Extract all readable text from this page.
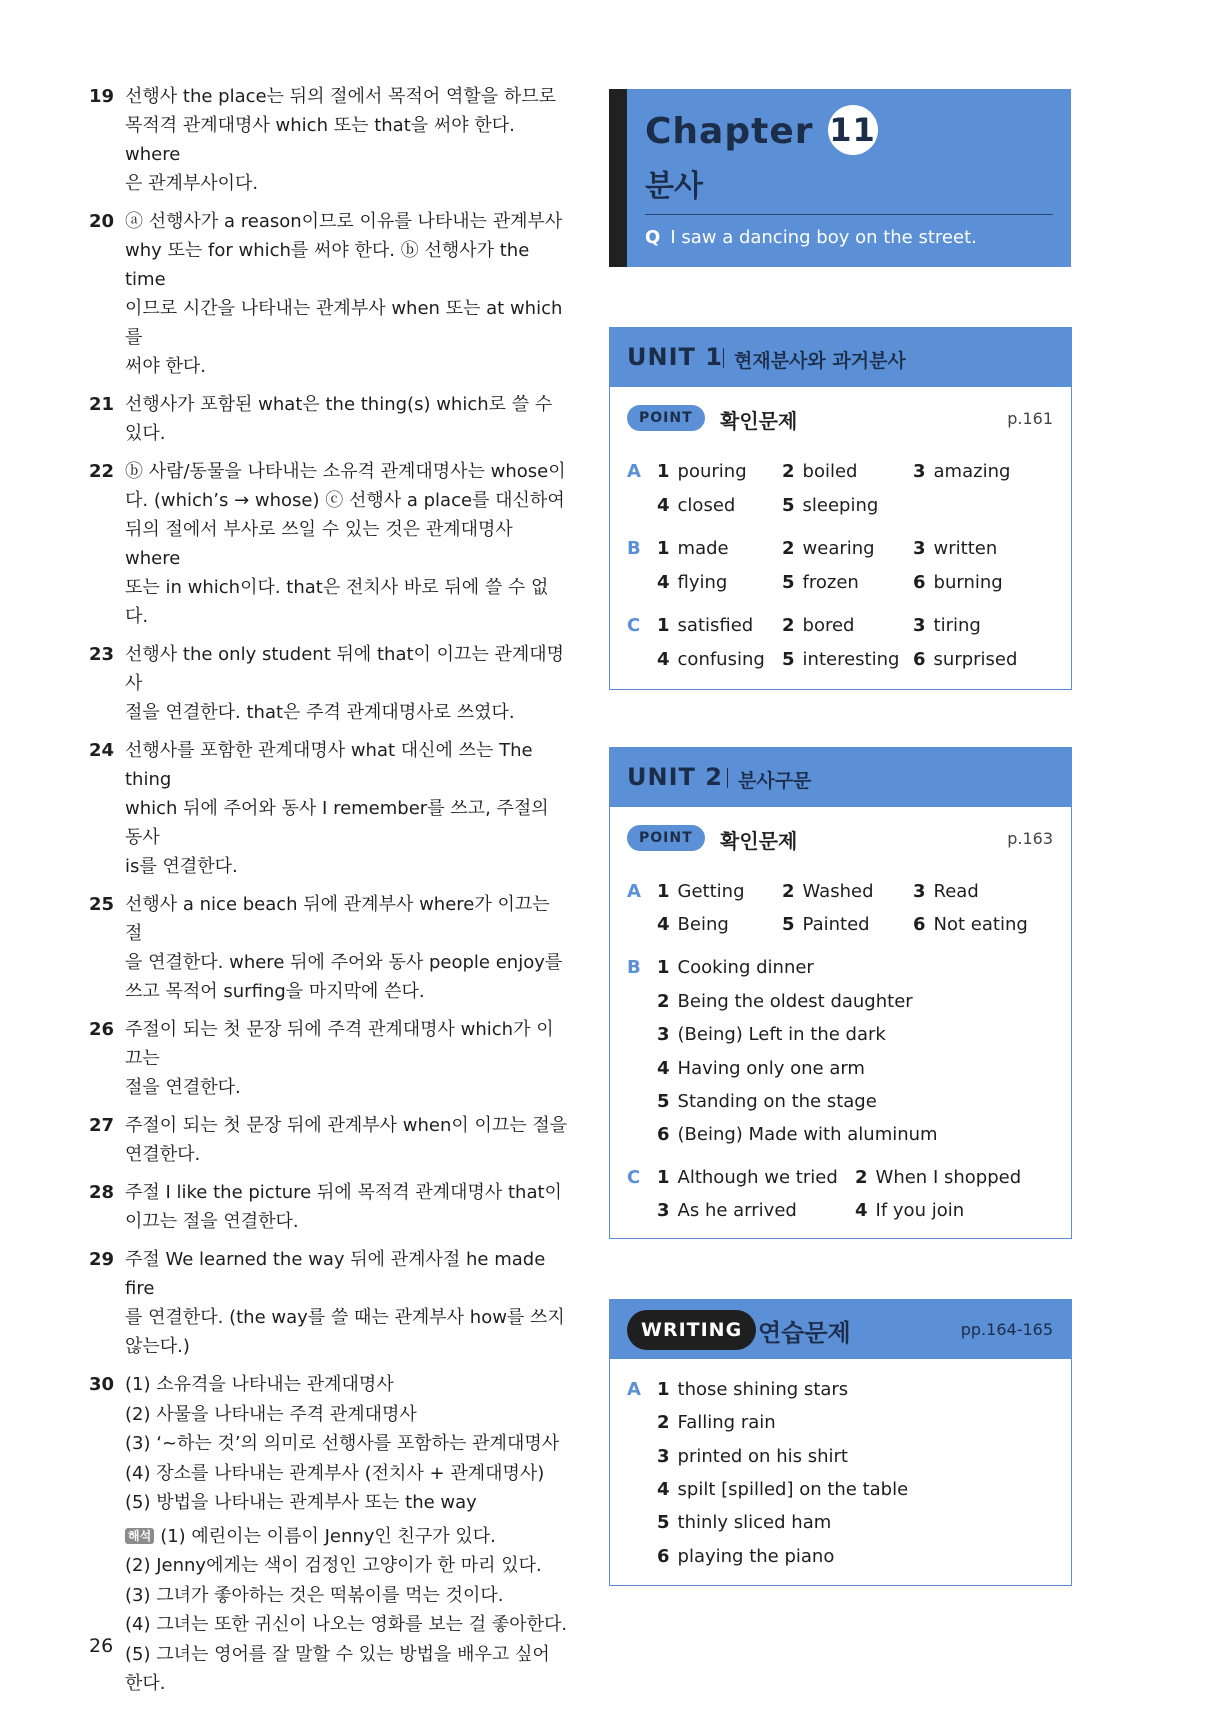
19 선행사 the place는 뒤의 절에서 목적어 역할을 하므로
목적격 관계대명사 which 또는 that을 써야 한다. where
은 관계부사이다.
20 ⓐ 선행사가 a reason이므로 이유를 나타내는 관계부사
why 또는 for which를 써야 한다. ⓑ 선행사가 the time
이므로 시간을 나타내는 관계부사 when 또는 at which를
써야 한다.
21 선행사가 포함된 what은 the thing(s) which로 쓸 수
있다.
22 ⓑ 사람/동물을 나타내는 소유격 관계대명사는 whose이
다. (which’s → whose) ⓒ 선행사 a place를 대신하여
뒤의 절에서 부사로 쓰일 수 있는 것은 관계대명사 where
또는 in which이다. that은 전치사 바로 뒤에 쓸 수 없다.
23 선행사 the only student 뒤에 that이 이끄는 관계대명사
절을 연결한다. that은 주격 관계대명사로 쓰였다.
24 선행사를 포함한 관계대명사 what 대신에 쓰는 The thing
which 뒤에 주어와 동사 I remember를 쓰고, 주절의 동사
is를 연결한다.
25 선행사 a nice beach 뒤에 관계부사 where가 이끄는 절
을 연결한다. where 뒤에 주어와 동사 people enjoy를
쓰고 목적어 surfing을 마지막에 쓴다.
26 주절이 되는 첫 문장 뒤에 주격 관계대명사 which가 이끄는
절을 연결한다.
27 주절이 되는 첫 문장 뒤에 관계부사 when이 이끄는 절을
연결한다.
28 주절 I like the picture 뒤에 목적격 관계대명사 that이
이끄는 절을 연결한다.
29 주절 We learned the way 뒤에 관계사절 he made fire
를 연결한다. (the way를 쓸 때는 관계부사 how를 쓰지
않는다.)
30 (1) 소유격을 나타내는 관계대명사
(2) 사물을 나타내는 주격 관계대명사
(3) ‘~하는 것’의 의미로 선행사를 포함하는 관계대명사
(4) 장소를 나타내는 관계부사 (전치사 + 관계대명사)
(5) 방법을 나타내는 관계부사 또는 the way
해석 (1) 예린이는 이름이 Jenny인 친구가 있다.
(2) Jenny에게는 색이 검정인 고양이가 한 마리 있다.
(3) 그녀가 좋아하는 것은 떡볶이를 먹는 것이다.
(4) 그녀는 또한 귀신이 나오는 영화를 보는 걸 좋아한다.
(5) 그녀는 영어를 잘 말할 수 있는 방법을 배우고 싶어 한다.
26
Chapter 11
분사
Q I saw a dancing boy on the street.
UNIT 1 현재분사와 과거분사
POINT	확인문제	p.161
A 1 pouring 2 boiled	3 amazing
4 closed	5 sleeping
B 1 made	2 wearing 3 written
4 flying	5 frozen	6 burning
C 1 satisfied 2 bored	3 tiring
4 confusing 5 interesting 6 surprised
UNIT 2 분사구문
POINT	확인문제	p.163
A 1 Getting 2 Washed 3 Read
4 Being	5 Painted 6 Not eating
B 1 Cooking dinner
2 Being the oldest daughter
3 (Being) Left in the dark
4 Having only one arm
5 Standing on the stage
6 (Being) Made with aluminum
C 1 Although we tried 2 When I shopped
3 As he arrived	4 If you join
WRITING 연습문제	pp.164-165
A 1 those shining stars
2 Falling rain
3 printed on his shirt
4 spilt [spilled] on the table
5 thinly sliced ham
6 playing the piano
